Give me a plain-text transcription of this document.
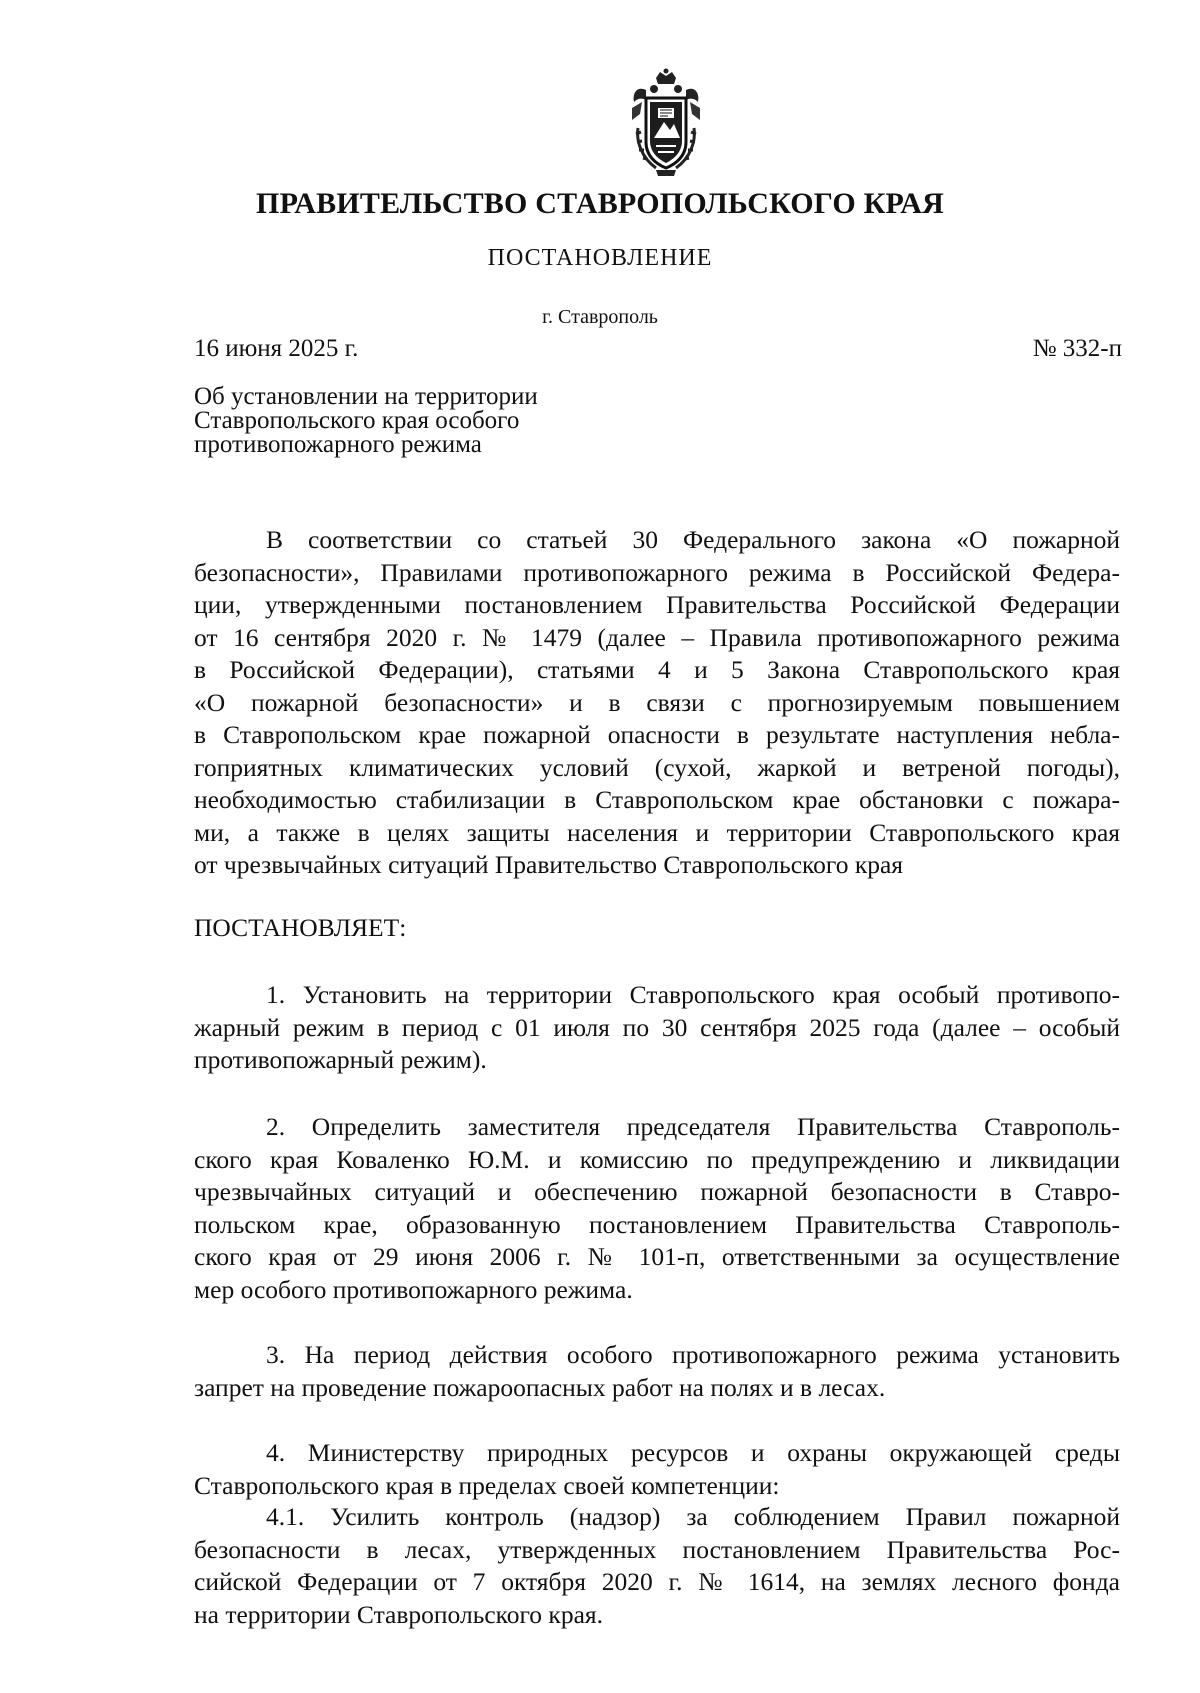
ПРАВИТЕЛЬСТВО СТАВРОПОЛЬСКОГО КРАЯ
ПОСТАНОВЛЕНИЕ
г. Ставрополь
16 июня 2025 г.	№ 332-п
Об установлении на территории
Ставропольского края особого
противопожарного режима
В соответствии со статьей 30 Федерального закона «О пожарной
безопасности», Правилами противопожарного режима в Российской Федера-
ции, утвержденными постановлением Правительства Российской Федерации
от 16 сентября 2020 г. № 1479 (далее – Правила противопожарного режима
в Российской Федерации), статьями 4 и 5 Закона Ставропольского края
«О пожарной безопасности» и в связи с прогнозируемым повышением
в Ставропольском крае пожарной опасности в результате наступления небла-
гоприятных климатических условий (сухой, жаркой и ветреной погоды),
необходимостью стабилизации в Ставропольском крае обстановки с пожара-
ми, а также в целях защиты населения и территории Ставропольского края
от чрезвычайных ситуаций Правительство Ставропольского края
ПОСТАНОВЛЯЕТ:
1. Установить на территории Ставропольского края особый противопо-
жарный режим в период с 01 июля по 30 сентября 2025 года (далее – особый
противопожарный режим).
2. Определить заместителя председателя Правительства Ставрополь-
ского края Коваленко Ю.М. и комиссию по предупреждению и ликвидации
чрезвычайных ситуаций и обеспечению пожарной безопасности в Ставро-
польском крае, образованную постановлением Правительства Ставрополь-
ского края от 29 июня 2006 г. № 101-п, ответственными за осуществление
мер особого противопожарного режима.
3. На период действия особого противопожарного режима установить
запрет на проведение пожароопасных работ на полях и в лесах.
4. Министерству природных ресурсов и охраны окружающей среды
Ставропольского края в пределах своей компетенции:
4.1. Усилить контроль (надзор) за соблюдением Правил пожарной
безопасности в лесах, утвержденных постановлением Правительства Рос-
сийской Федерации от 7 октября 2020 г. № 1614, на землях лесного фонда
на территории Ставропольского края.
